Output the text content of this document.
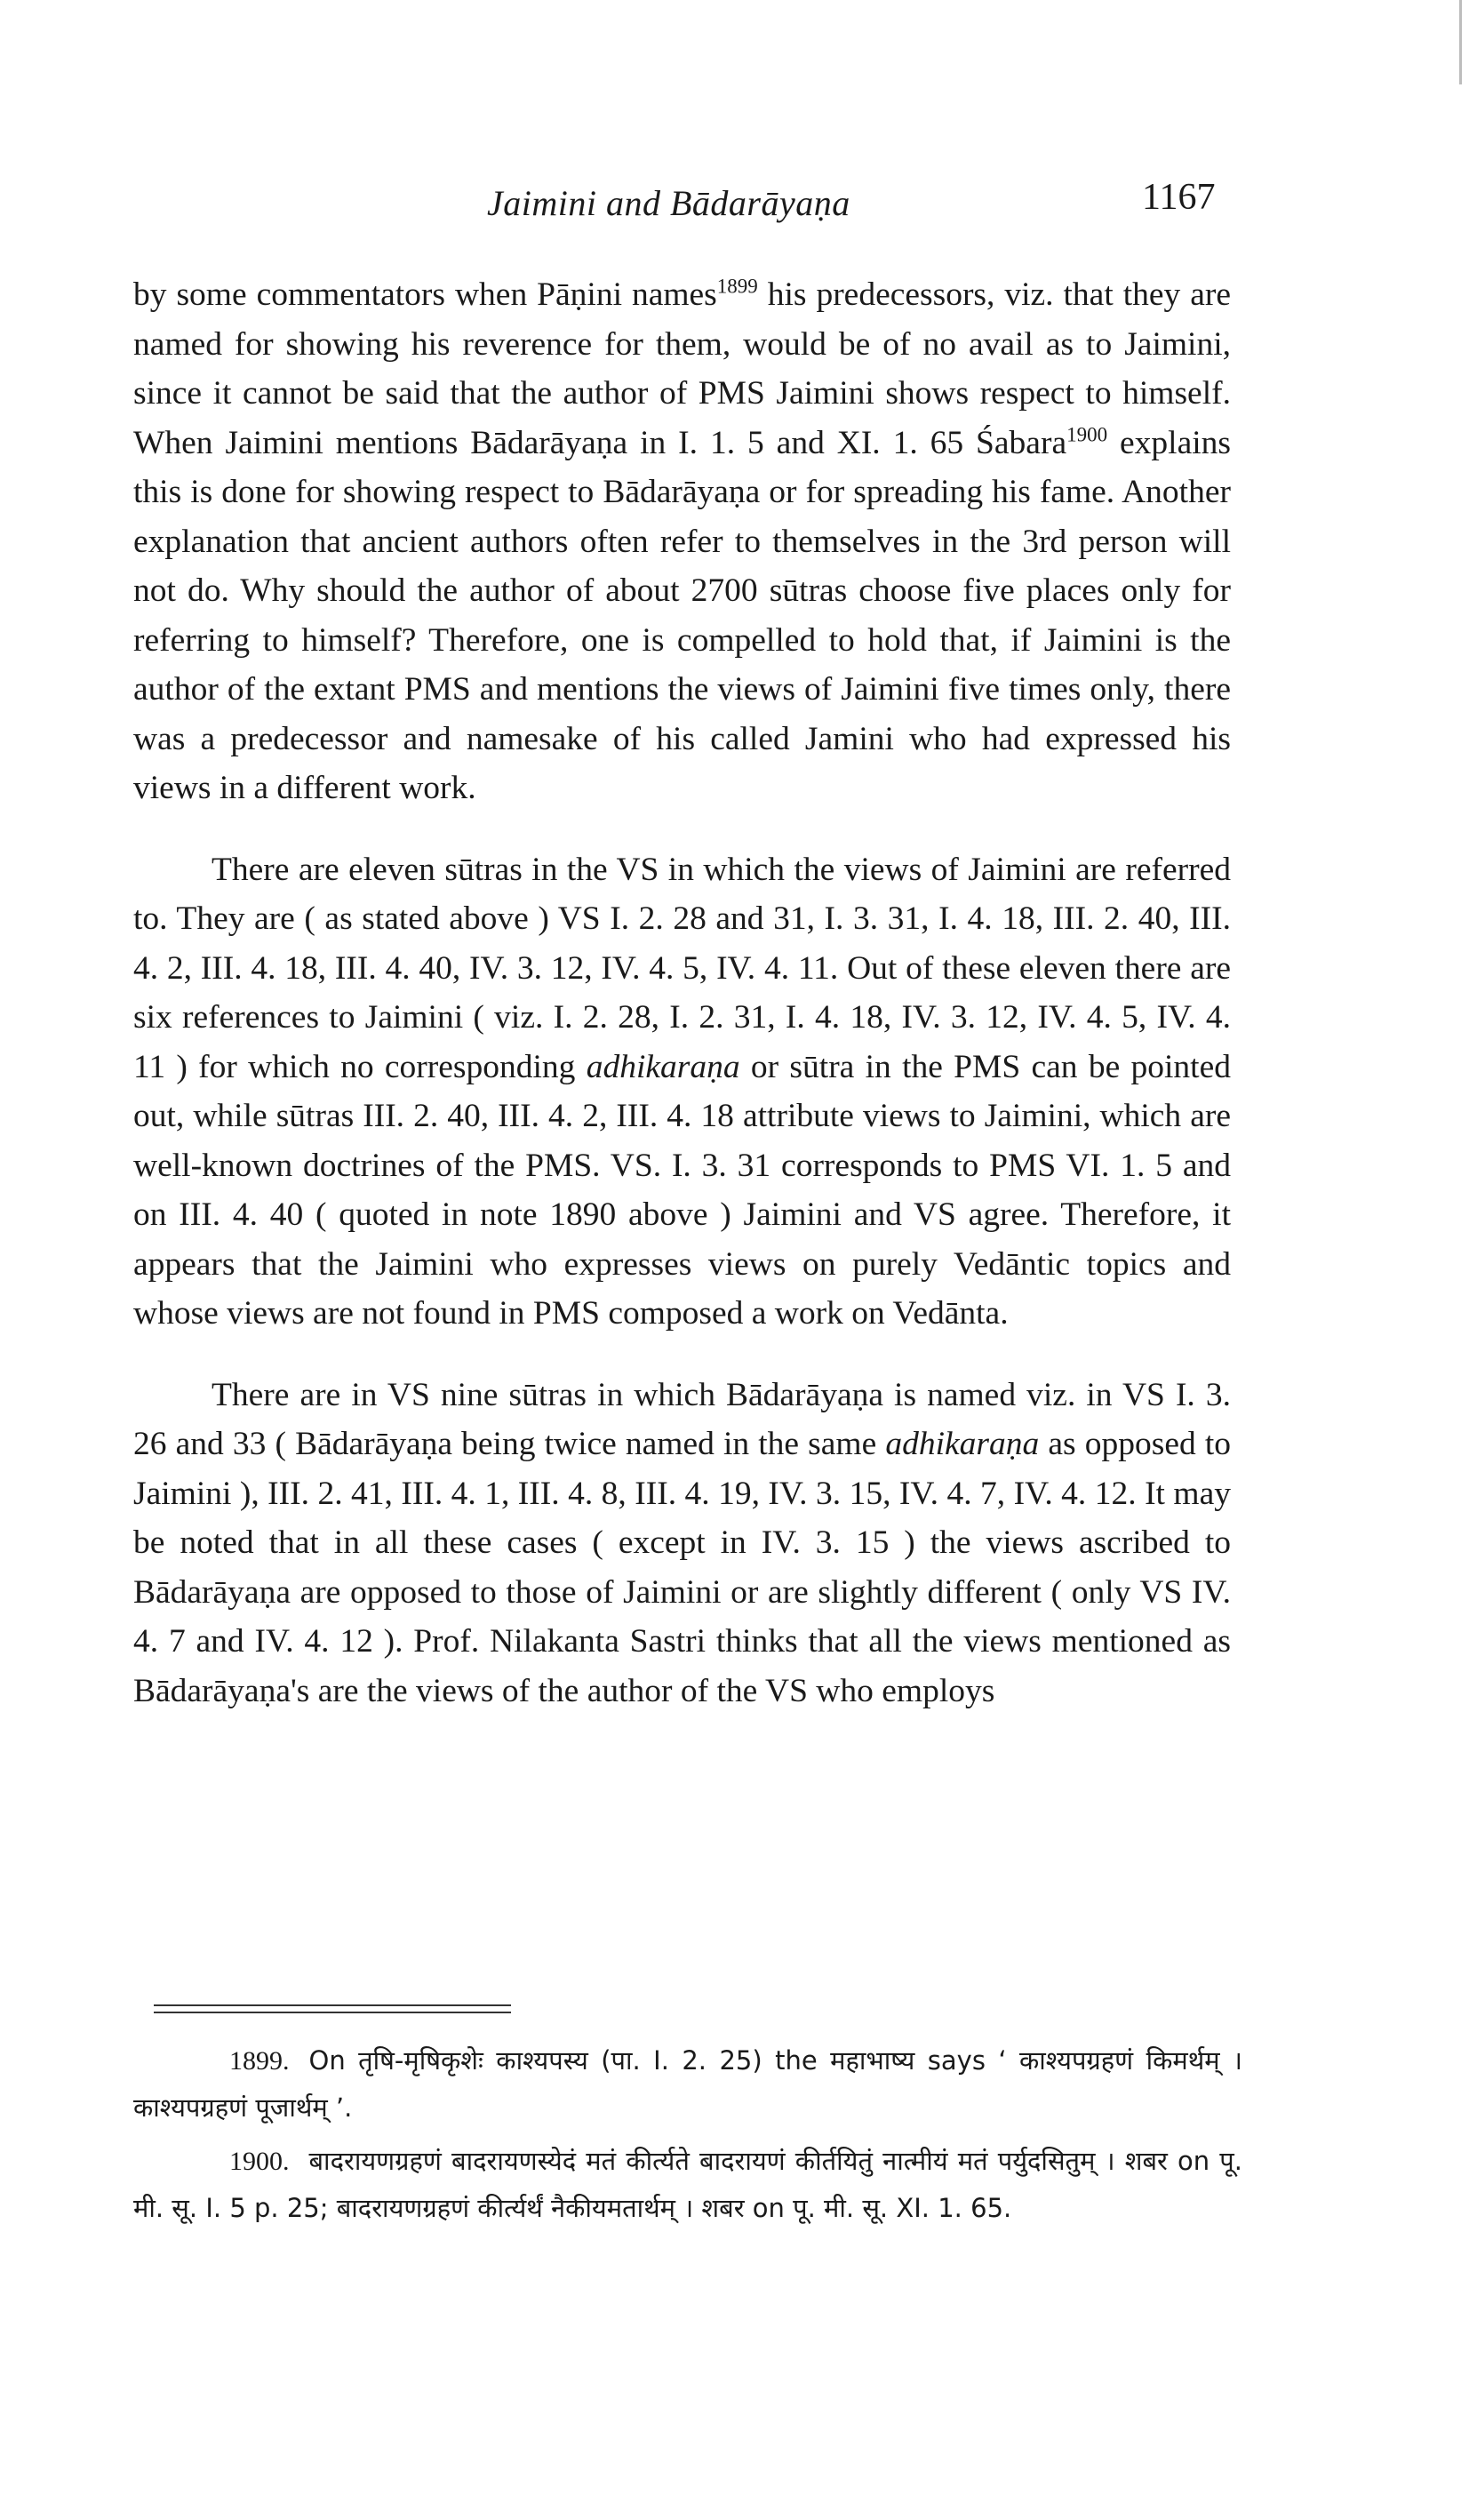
Jaimini and Bādarāyaṇa	1167

by some commentators when Pāṇini names$^{1899}$ his predecessors, viz. that they are named for showing his reverence for them, would be of no avail as to Jaimini, since it cannot be said that the author of PMS Jaimini shows respect to himself. When Jaimini mentions Bādarāyaṇa in I. 1. 5 and XI. 1. 65 Śabara$^{1900}$ explains this is done for showing respect to Bādarāyaṇa or for spreading his fame. Another explanation that ancient authors often refer to themselves in the 3rd person will not do. Why should the author of about 2700 sūtras choose five places only for referring to himself? Therefore, one is compelled to hold that, if Jaimini is the author of the extant PMS and mentions the views of Jaimini five times only, there was a predecessor and namesake of his called Jamini who had expressed his views in a different work.

There are eleven sūtras in the VS in which the views of Jaimini are referred to. They are ( as stated above ) VS I. 2. 28 and 31, I. 3. 31, I. 4. 18, III. 2. 40, III. 4. 2, III. 4. 18, III. 4. 40, IV. 3. 12, IV. 4. 5, IV. 4. 11. Out of these eleven there are six references to Jaimini ( viz. I. 2. 28, I. 2. 31, I. 4. 18, IV. 3. 12, IV. 4. 5, IV. 4. 11 ) for which no corresponding adhikaraṇa or sūtra in the PMS can be pointed out, while sūtras III. 2. 40, III. 4. 2, III. 4. 18 attribute views to Jaimini, which are well-known doctrines of the PMS. VS. I. 3. 31 corresponds to PMS VI. 1. 5 and on III. 4. 40 ( quoted in note 1890 above ) Jaimini and VS agree. Therefore, it appears that the Jaimini who expresses views on purely Vedāntic topics and whose views are not found in PMS composed a work on Vedānta.

There are in VS nine sūtras in which Bādarāyaṇa is named viz. in VS I. 3. 26 and 33 ( Bādarāyaṇa being twice named in the same adhikaraṇa as opposed to Jaimini ), III. 2. 41, III. 4. 1, III. 4. 8, III. 4. 19, IV. 3. 15, IV. 4. 7, IV. 4. 12. It may be noted that in all these cases ( except in IV. 3. 15 ) the views ascribed to Bādarāyaṇa are opposed to those of Jaimini or are slightly different ( only VS IV. 4. 7 and IV. 4. 12 ). Prof. Nilakanta Sastri thinks that all the views mentioned as Bādarāyaṇa's are the views of the author of the VS who employs

1899. On तृषि-मृषिकृशेः काश्यपस्य (पा. I. 2. 25) the महाभाष्य says ‘ काश्यपग्रहणं किमर्थम् । काश्यपग्रहणं पूजार्थम् ’.

1900. बादरायणग्रहणं बादरायणस्येदं मतं कीर्त्यते बादरायणं कीर्तयितुं नात्मीयं मतं पर्युदसितुम् । शबर on पू. मी. सू. I. 5 p. 25; बादरायणग्रहणं कीर्त्यर्थं नैकीयमतार्थम् । शबर on पू. मी. सू. XI. 1. 65.
